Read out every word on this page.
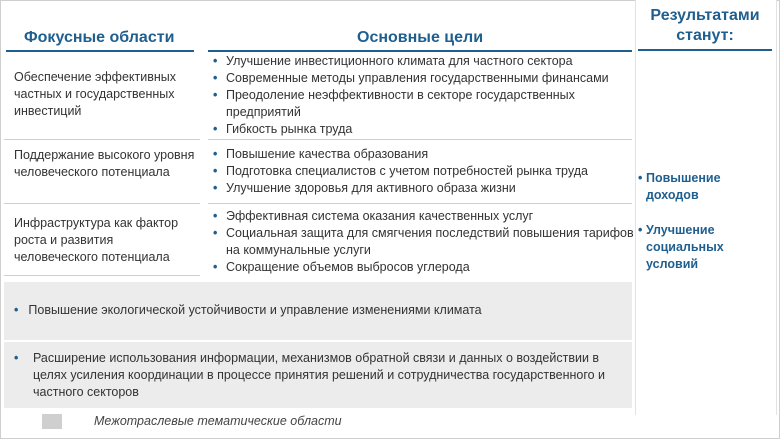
Фокусные области	Основные цели
Результатами
станут:
Обеспечение эффективных частных и государственных инвестиций
• Улучшение инвестиционного климата для частного сектора
• Современные методы управления государственными финансами
• Преодоление неэффективности в секторе государственных предприятий
• Гибкость рынка труда
Поддержание высокого уровня человеческого потенциала
• Повышение качества образования
• Подготовка специалистов с учетом потребностей рынка труда
• Улучшение здоровья для активного образа жизни
Инфраструктура как фактор роста и развития человеческого потенциала
• Эффективная система оказания качественных услуг
• Социальная защита для смягчения последствий повышения тарифов на коммунальные услуги
• Сокращение объемов выбросов углерода
• Повышение экологической устойчивости и управление изменениями климата
• Расширение использования информации, механизмов обратной связи и данных о воздействии в целях усиления координации в процессе принятия решений и сотрудничества государственного и частного секторов
• Повышение доходов
• Улучшение социальных условий
Межотраслевые тематические области
